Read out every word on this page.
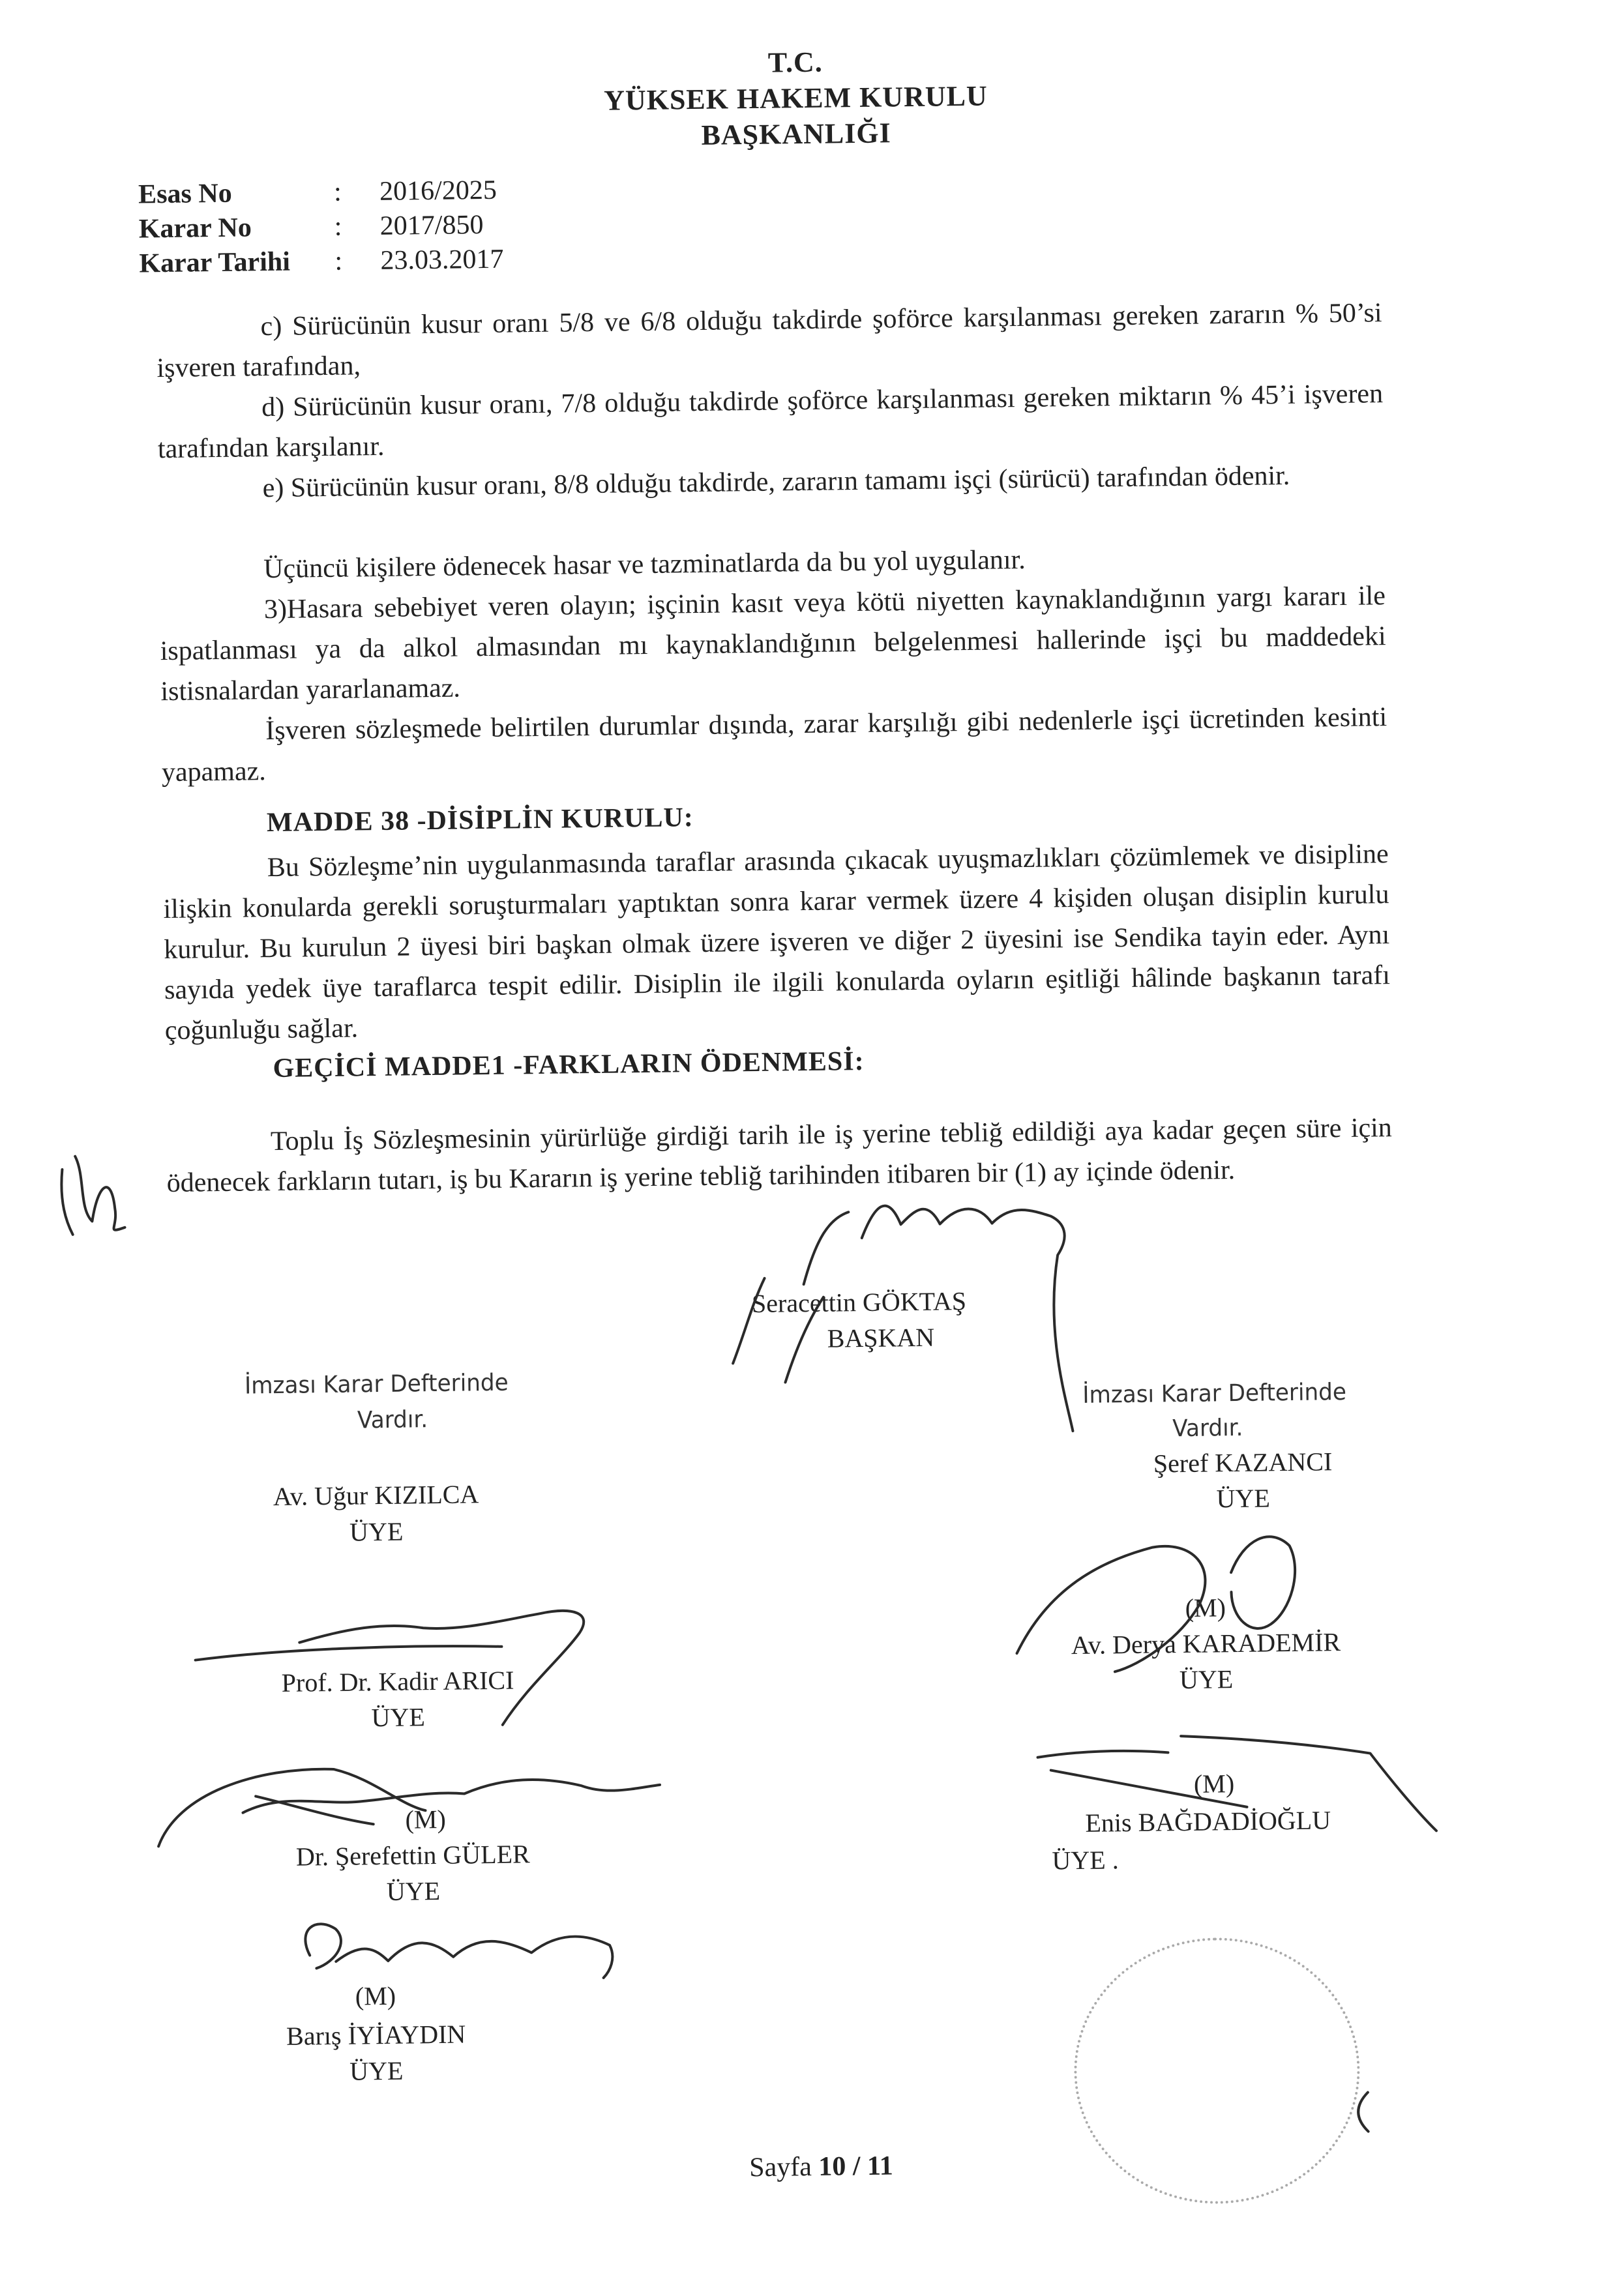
T.C.
YÜKSEK HAKEM KURULU
BAŞKANLIĞI
Esas No	: 2016/2025
Karar No	: 2017/850
Karar Tarihi : 23.03.2017
c) Sürücünün kusur oranı 5/8 ve 6/8 olduğu takdirde şoförce karşılanması gereken zararın % 50’si işveren tarafından,
d) Sürücünün kusur oranı, 7/8 olduğu takdirde şoförce karşılanması gereken miktarın % 45’i işveren tarafından karşılanır.
e) Sürücünün kusur oranı, 8/8 olduğu takdirde, zararın tamamı işçi (sürücü) tarafından ödenir.
Üçüncü kişilere ödenecek hasar ve tazminatlarda da bu yol uygulanır.
3)Hasara sebebiyet veren olayın; işçinin kasıt veya kötü niyetten kaynaklandığının yargı kararı ile ispatlanması ya da alkol almasından mı kaynaklandığının belgelenmesi hallerinde işçi bu maddedeki istisnalardan yararlanamaz.
İşveren sözleşmede belirtilen durumlar dışında, zarar karşılığı gibi nedenlerle işçi ücretinden kesinti yapamaz.
MADDE 38 -DİSİPLİN KURULU:
Bu Sözleşme’nin uygulanmasında taraflar arasında çıkacak uyuşmazlıkları çözümlemek ve disipline ilişkin konularda gerekli soruşturmaları yaptıktan sonra karar vermek üzere 4 kişiden oluşan disiplin kurulu kurulur. Bu kurulun 2 üyesi biri başkan olmak üzere işveren ve diğer 2 üyesini ise Sendika tayin eder. Aynı sayıda yedek üye taraflarca tespit edilir. Disiplin ile ilgili konularda oyların eşitliği hâlinde başkanın tarafı çoğunluğu sağlar.
GEÇİCİ MADDE1 -FARKLARIN ÖDENMESİ:
Toplu İş Sözleşmesinin yürürlüğe girdiği tarih ile iş yerine tebliğ edildiği aya kadar geçen süre için ödenecek farkların tutarı, iş bu Kararın iş yerine tebliğ tarihinden itibaren bir (1) ay içinde ödenir.
Seracettin GÖKTAŞ
BAŞKAN
İmzası Karar Defterinde
Vardır.
İmzası Karar Defterinde
Vardır.
Av. Uğur KIZILCA
ÜYE
Prof. Dr. Kadir ARICI
ÜYE
(M)
Dr. Şerefettin GÜLER
ÜYE
(M)
Barış İYİAYDIN
ÜYE
Şeref KAZANCI
ÜYE
(M)
Av. Derya KARADEMİR
ÜYE
(M)
Enis BAĞDADİOĞLU
ÜYE .
Sayfa 10 / 11
